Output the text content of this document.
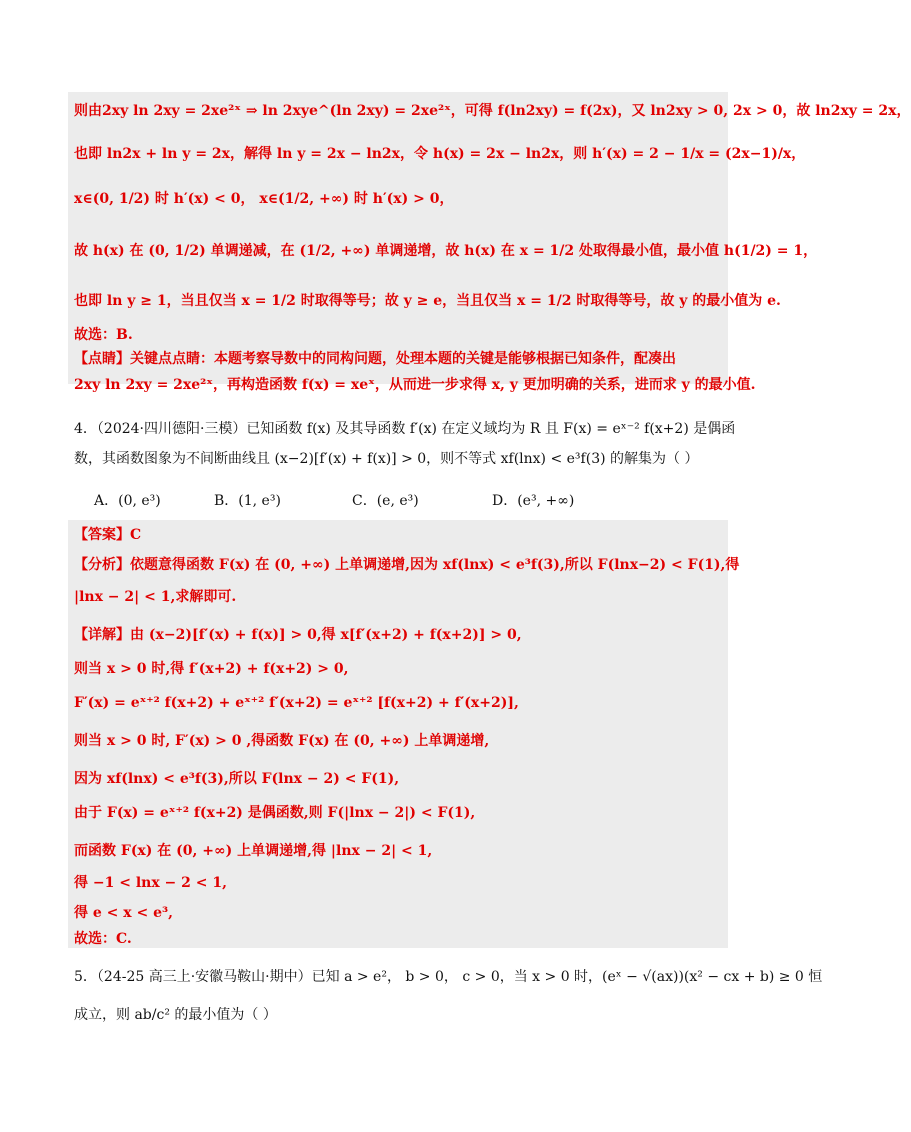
则由2xy ln 2xy = 2xe²ˣ ⇒ ln 2xye^(ln 2xy) = 2xe²ˣ，可得 f(ln2xy) = f(2x)，又 ln2xy > 0, 2x > 0，故 ln2xy = 2x，
也即 ln2x + ln y = 2x，解得 ln y = 2x − ln2x，令 h(x) = 2x − ln2x，则 h′(x) = 2 − 1/x = (2x−1)/x，
x∈(0, 1/2) 时 h′(x) < 0， x∈(1/2, +∞) 时 h′(x) > 0，
故 h(x) 在 (0, 1/2) 单调递减，在 (1/2, +∞) 单调递增，故 h(x) 在 x = 1/2 处取得最小值，最小值 h(1/2) = 1，
也即 ln y ≥ 1，当且仅当 x = 1/2 时取得等号；故 y ≥ e，当且仅当 x = 1/2 时取得等号，故 y 的最小值为 e.
故选：B.
【点睛】关键点点睛：本题考察导数中的同构问题，处理本题的关键是能够根据已知条件，配凑出
2xy ln 2xy = 2xe²ˣ，再构造函数 f(x) = xeˣ，从而进一步求得 x, y 更加明确的关系，进而求 y 的最小值.
4．（2024·四川德阳·三模）已知函数 f(x) 及其导函数 f′(x) 在定义域均为 R 且 F(x) = eˣ⁻² f(x+2) 是偶函
数，其函数图象为不间断曲线且 (x−2)[f′(x) + f(x)] > 0，则不等式 xf(lnx) < e³f(3) 的解集为（ ）
A．(0, e³)	B．(1, e³)	C．(e, e³)	D．(e³, +∞)
【答案】C
【分析】依题意得函数 F(x) 在 (0, +∞) 上单调递增,因为 xf(lnx) < e³f(3),所以 F(lnx−2) < F(1),得
|lnx − 2| < 1,求解即可.
【详解】由 (x−2)[f′(x) + f(x)] > 0,得 x[f′(x+2) + f(x+2)] > 0,
则当 x > 0 时,得 f′(x+2) + f(x+2) > 0,
F′(x) = eˣ⁺² f(x+2) + eˣ⁺² f′(x+2) = eˣ⁺² [f(x+2) + f′(x+2)],
则当 x > 0 时, F′(x) > 0 ,得函数 F(x) 在 (0, +∞) 上单调递增,
因为 xf(lnx) < e³f(3),所以 F(lnx − 2) < F(1),
由于 F(x) = eˣ⁺² f(x+2) 是偶函数,则 F(|lnx − 2|) < F(1),
而函数 F(x) 在 (0, +∞) 上单调递增,得 |lnx − 2| < 1,
得 −1 < lnx − 2 < 1,
得 e < x < e³,
故选：C.
5．（24-25 高三上·安徽马鞍山·期中）已知 a > e²， b > 0， c > 0，当 x > 0 时，(eˣ − √(ax))(x² − cx + b) ≥ 0 恒
成立，则 ab/c² 的最小值为（ ）
